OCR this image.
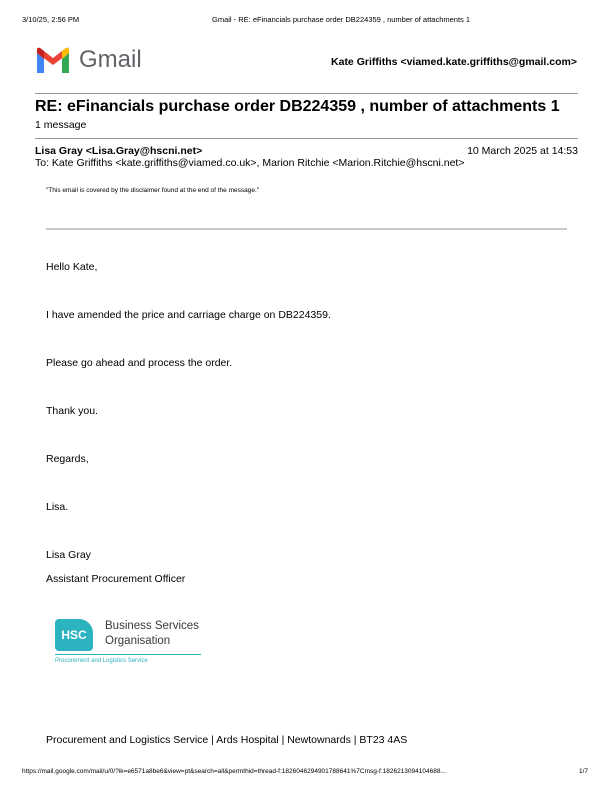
3/10/25, 2:56 PM	Gmail - RE: eFinancials purchase order DB224359 , number of attachments 1
Gmail	Kate Griffiths <viamed.kate.griffiths@gmail.com>
RE: eFinancials purchase order DB224359 , number of attachments 1
1 message
Lisa Gray <Lisa.Gray@hscni.net>	10 March 2025 at 14:53
To: Kate Griffiths <kate.griffiths@viamed.co.uk>, Marion Ritchie <Marion.Ritchie@hscni.net>
"This email is covered by the disclaimer found at the end of the message."
Hello Kate,
I have amended the price and carriage charge on DB224359.
Please go ahead and process the order.
Thank you.
Regards,
Lisa.
Lisa Gray
Assistant Procurement Officer
HSC
Business Services
Organisation
Procurement and Logistics Service
Procurement and Logistics Service | Ards Hospital | Newtownards | BT23 4AS
https://mail.google.com/mail/u/0/?ik=e6571a8be6&view=pt&search=all&permthid=thread-f:1826046294901788641%7Cmsg-f:1826213094104688...	1/7
